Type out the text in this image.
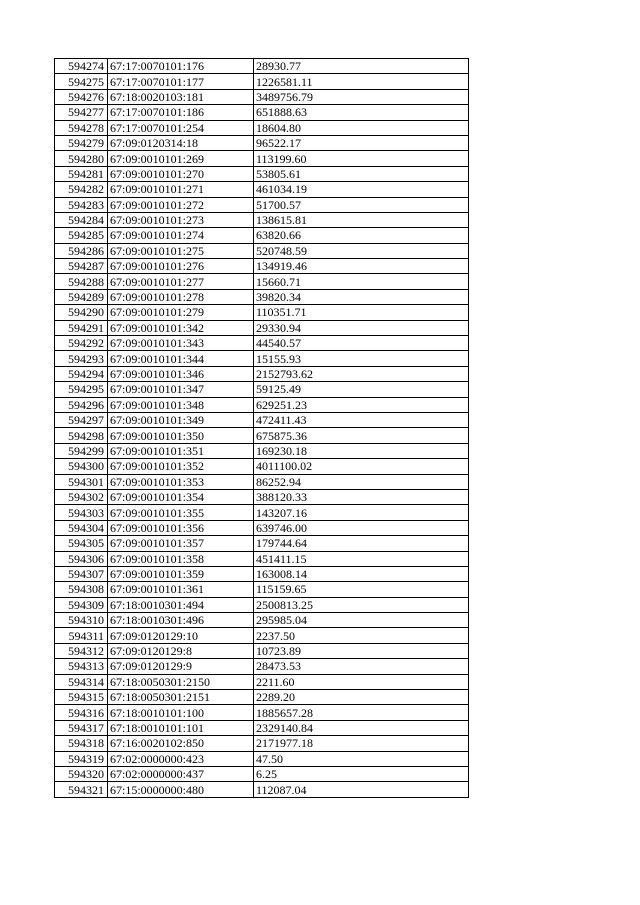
594274	67:17:0070101:176	28930.77
594275	67:17:0070101:177	1226581.11
594276	67:18:0020103:181	3489756.79
594277	67:17:0070101:186	651888.63
594278	67:17:0070101:254	18604.80
594279	67:09:0120314:18	96522.17
594280	67:09:0010101:269	113199.60
594281	67:09:0010101:270	53805.61
594282	67:09:0010101:271	461034.19
594283	67:09:0010101:272	51700.57
594284	67:09:0010101:273	138615.81
594285	67:09:0010101:274	63820.66
594286	67:09:0010101:275	520748.59
594287	67:09:0010101:276	134919.46
594288	67:09:0010101:277	15660.71
594289	67:09:0010101:278	39820.34
594290	67:09:0010101:279	110351.71
594291	67:09:0010101:342	29330.94
594292	67:09:0010101:343	44540.57
594293	67:09:0010101:344	15155.93
594294	67:09:0010101:346	2152793.62
594295	67:09:0010101:347	59125.49
594296	67:09:0010101:348	629251.23
594297	67:09:0010101:349	472411.43
594298	67:09:0010101:350	675875.36
594299	67:09:0010101:351	169230.18
594300	67:09:0010101:352	4011100.02
594301	67:09:0010101:353	86252.94
594302	67:09:0010101:354	388120.33
594303	67:09:0010101:355	143207.16
594304	67:09:0010101:356	639746.00
594305	67:09:0010101:357	179744.64
594306	67:09:0010101:358	451411.15
594307	67:09:0010101:359	163008.14
594308	67:09:0010101:361	115159.65
594309	67:18:0010301:494	2500813.25
594310	67:18:0010301:496	295985.04
594311	67:09:0120129:10	2237.50
594312	67:09:0120129:8	10723.89
594313	67:09:0120129:9	28473.53
594314	67:18:0050301:2150	2211.60
594315	67:18:0050301:2151	2289.20
594316	67:18:0010101:100	1885657.28
594317	67:18:0010101:101	2329140.84
594318	67:16:0020102:850	2171977.18
594319	67:02:0000000:423	47.50
594320	67:02:0000000:437	6.25
594321	67:15:0000000:480	112087.04
